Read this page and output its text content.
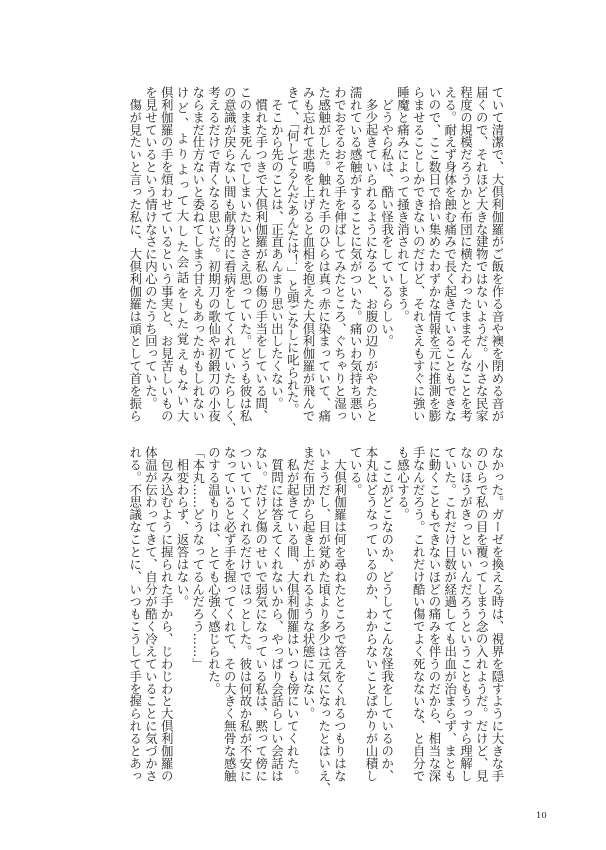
ていて清潔で、大倶利伽羅がご飯を作る音や襖を閉める音が
届くので、それほど大きな建物ではないようだ。小さな民家
程度の規模だろうかと布団に横たわったままそんなことを考
える。耐えず身体を蝕む痛みで長く起きていることもできな
いので、ここ数日で拾い集めたわずかな情報を元に推測を膨
らませることしかできないのだけど、それさえもすぐに強い
睡魔と痛みによって掻き消されてしまう。
　どうやら私は、酷い怪我をしているらしい。
　多少起きていられるようになると、お腹の辺りがやたらと
濡れている感触がすることに気がついた。痛いわ気持ち悪い
わでおそるおそる手を伸ばしてみたところ、ぐちゃりと湿っ
た感触がした。触れた手のひらは真っ赤に染まっていて、痛
みも忘れて悲鳴を上げると血相を抱えた大倶利伽羅が飛んで
きて、「何してるんだあんたは！」と頭ごなしに叱られた。
　そこから先のことは、正直あんまり思い出したくない。
　慣れた手つきで大倶利伽羅が私の傷の手当をしている間、
このまま死んでしまいたいとさえ思っていた。どうも彼は私
の意識が戻らない間も献身的に看病をしてくれていたらしく、
考えるだけで青くなる思いだ。初期刀の歌仙や初鍛刀の小夜
ならまだ仕方ないと委ねてしまう甘えもあったかもしれない
けど、よりよって大した会話をした覚えもない大
倶利伽羅の手を煩わせているという事実と、お見苦しいもの
を見せているという情けなさに内心のたうち回っていた。
　傷が見たいと言った私に、大倶利伽羅は頑として首を振ら
なかった。ガーゼを換える時は、視界を隠すように大きな手
のひらで私の目を覆ってしまう念の入れようだ。だけど、見
ないほうがきっといいんだろうということもうっすら理解し
ていた。これだけ日数が経過しても出血が治まらず、まとも
に動くこともできないほどの痛みを伴うのだから、相当な深
手なんだろう。これだけ酷い傷でよく死なないな、と自分で
も感心する。
　ここがどこなのか、どうしてこんな怪我をしているのか、
本丸はどうなっているのか、わからないことばかりが山積し
ている。
　大倶利伽羅は何を尋ねたところで答えをくれるつもりはな
いようだし、目が覚めた頃より多少は元気になったとはいえ、
まだ布団から起き上がれるような状態にはない。
　私が起きている間、大倶利伽羅はいつも傍にいてくれた。
　質問には答えてくれないから、やっぱり会話らしい会話は
ない。だけど傷のせいで弱気になっている私は、黙って傍に
ついていてくれるだけでほっとした。彼は何故か私が不安に
なっていると必ず手を握ってくれて、その大きく無骨な感触
のする温もりは、とても心強く感じられた。
「本丸……どうなってるんだろう……」
　相変わらず、返答はない。
　包み込むように握られた手から、じわじわと大倶利伽羅の
体温が伝わってきて、自分が酷く冷えていることに気づかさ
れる。不思議なことに、いつもこうして手を握られるとあっ
10
